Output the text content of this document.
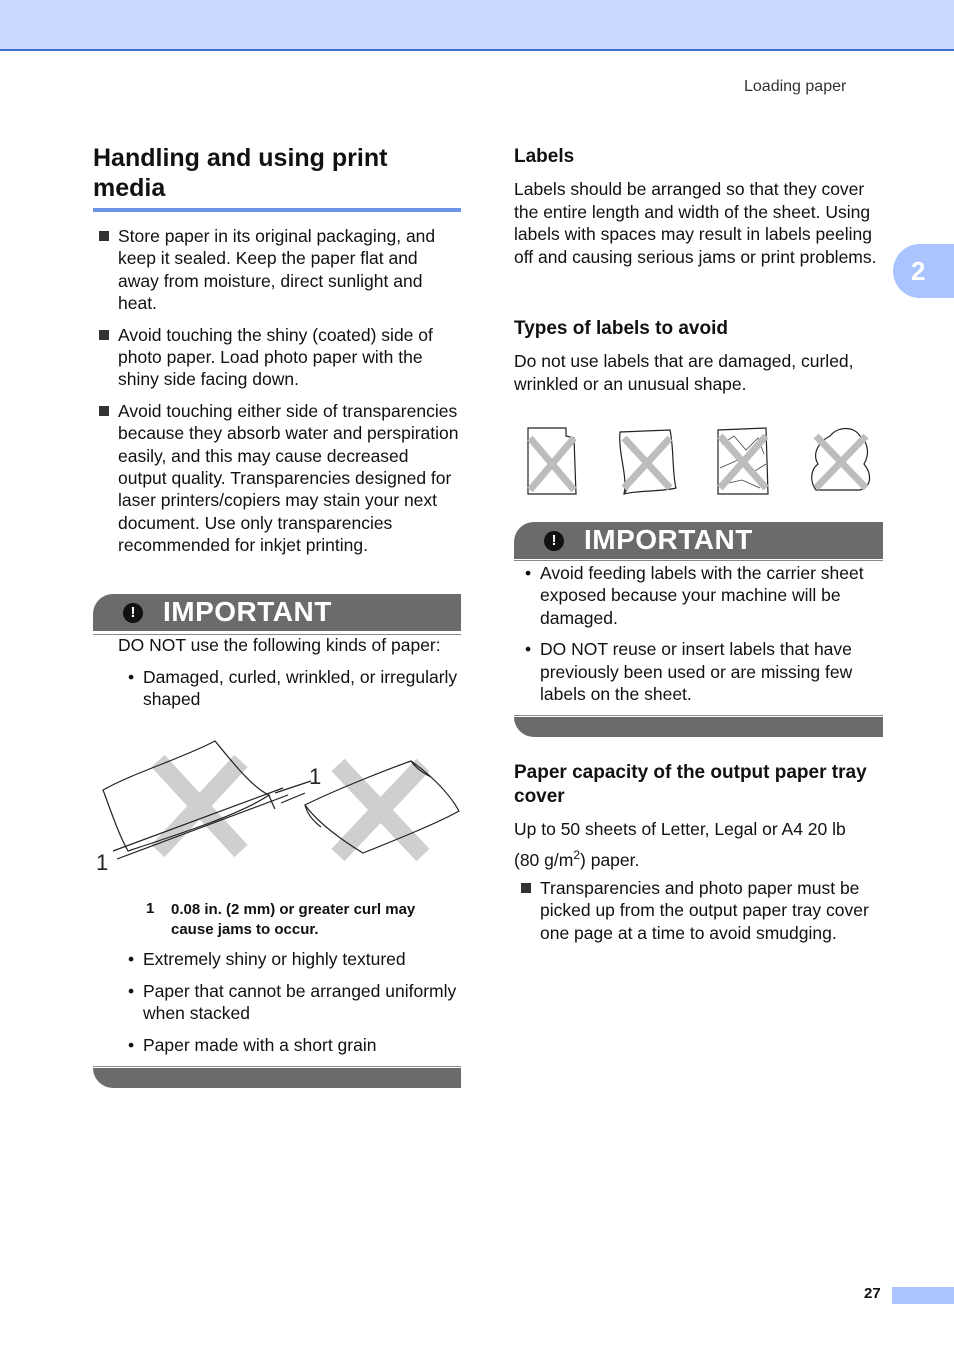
Loading paper
2
Handling and using print media
Store paper in its original packaging, and keep it sealed. Keep the paper flat and away from moisture, direct sunlight and heat.
Avoid touching the shiny (coated) side of photo paper. Load photo paper with the shiny side facing down.
Avoid touching either side of transparencies because they absorb water and perspiration easily, and this may cause decreased output quality. Transparencies designed for laser printers/copiers may stain your next document. Use only transparencies recommended for inkjet printing.
! IMPORTANT
DO NOT use the following kinds of paper:
• Damaged, curled, wrinkled, or irregularly shaped
1
1
1 0.08 in. (2 mm) or greater curl may cause jams to occur.
• Extremely shiny or highly textured
• Paper that cannot be arranged uniformly when stacked
• Paper made with a short grain
Labels
Labels should be arranged so that they cover the entire length and width of the sheet. Using labels with spaces may result in labels peeling off and causing serious jams or print problems.
Types of labels to avoid
Do not use labels that are damaged, curled, wrinkled or an unusual shape.
! IMPORTANT
• Avoid feeding labels with the carrier sheet exposed because your machine will be damaged.
• DO NOT reuse or insert labels that have previously been used or are missing few labels on the sheet.
Paper capacity of the output paper tray cover
Up to 50 sheets of Letter, Legal or A4 20 lb
(80 $g/m^2$) paper.
Transparencies and photo paper must be picked up from the output paper tray cover one page at a time to avoid smudging.
27
